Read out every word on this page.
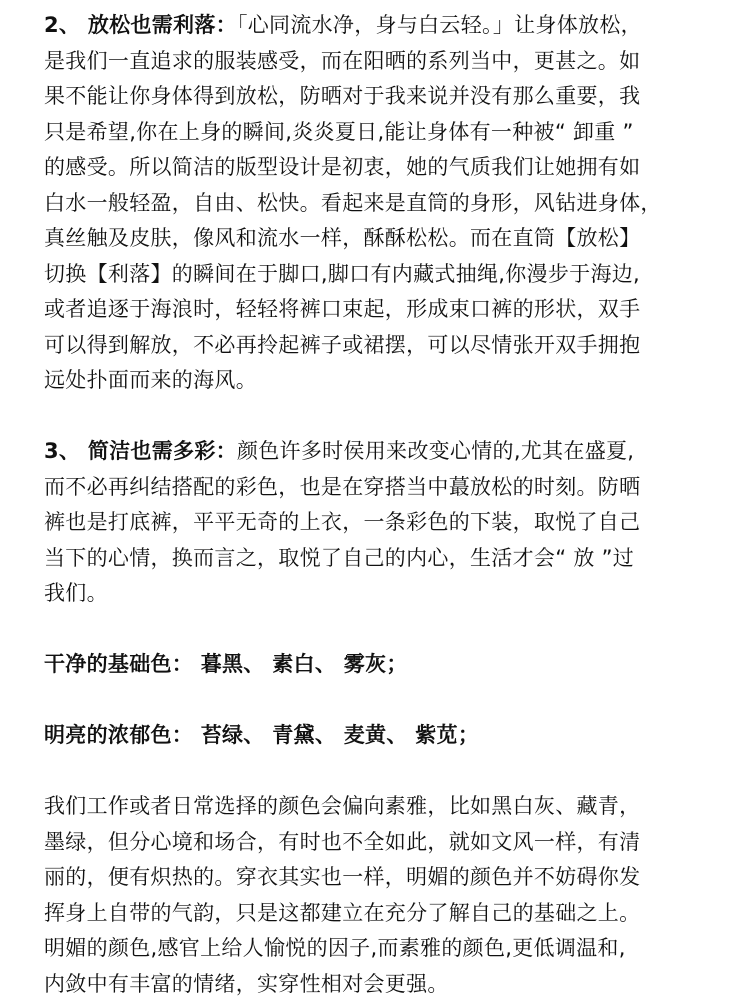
2、 放松也需利落：「心同流水净，身与白云轻。」让身体放松，
是我们一直追求的服装感受，而在阳晒的系列当中，更甚之。如
果不能让你身体得到放松，防晒对于我来说并没有那么重要，我
只是希望,你在上身的瞬间,炎炎夏日,能让身体有一种被“ 卸重 ”
的感受。所以简洁的版型设计是初衷，她的气质我们让她拥有如
白水一般轻盈，自由、松快。看起来是直筒的身形，风钻进身体，
真丝触及皮肤，像风和流水一样，酥酥松松。而在直筒【放松】
切换【利落】的瞬间在于脚口,脚口有内藏式抽绳,你漫步于海边,
或者追逐于海浪时，轻轻将裤口束起，形成束口裤的形状，双手
可以得到解放，不必再拎起裤子或裙摆，可以尽情张开双手拥抱
远处扑面而来的海风。
3、 简洁也需多彩：颜色许多时侯用来改变心情的,尤其在盛夏,
而不必再纠结搭配的彩色，也是在穿搭当中蕞放松的时刻。防晒
裤也是打底裤，平平无奇的上衣，一条彩色的下装，取悦了自己
当下的心情，换而言之，取悦了自己的内心，生活才会“ 放 ”过
我们。
干净的基础色： 暮黑、 素白、 雾灰；
明亮的浓郁色： 苔绿、 青黛、 麦黄、 紫苋；
我们工作或者日常选择的颜色会偏向素雅，比如黑白灰、藏青，
墨绿，但分心境和场合，有时也不全如此，就如文风一样，有清
丽的，便有炽热的。穿衣其实也一样，明媚的颜色并不妨碍你发
挥身上自带的气韵，只是这都建立在充分了解自己的基础之上。
明媚的颜色,感官上给人愉悦的因子,而素雅的颜色,更低调温和,
内敛中有丰富的情绪，实穿性相对会更强。
